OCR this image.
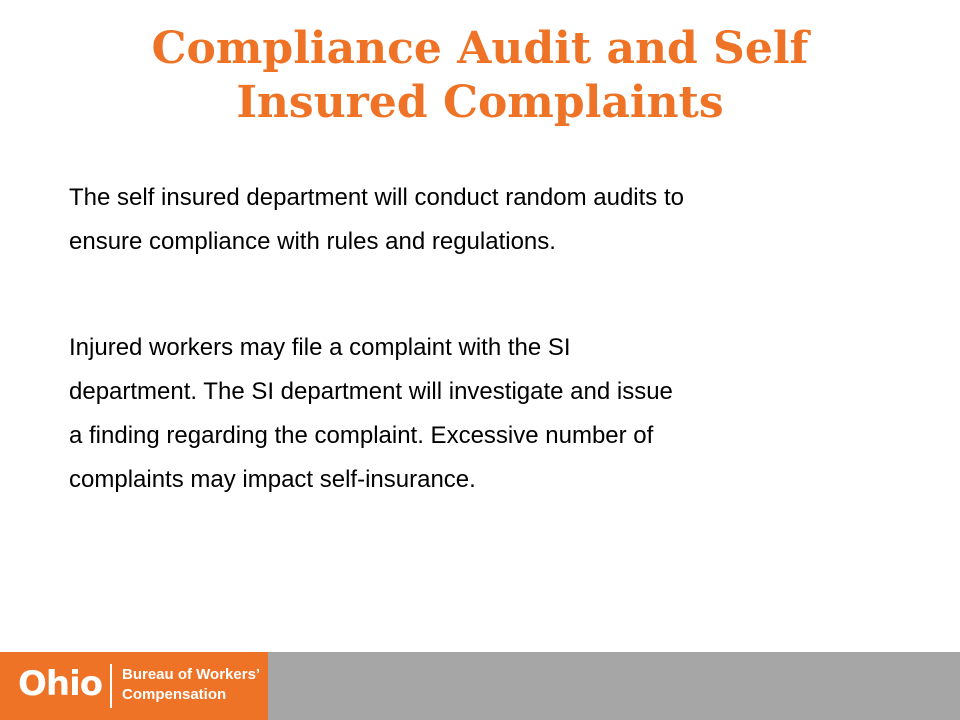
Compliance Audit and Self
Insured Complaints

The self insured department will conduct random audits to
ensure compliance with rules and regulations.

Injured workers may file a complaint with the SI
department. The SI department will investigate and issue
a finding regarding the complaint. Excessive number of
complaints may impact self-insurance.

Ohio Bureau of Workers’
Compensation
